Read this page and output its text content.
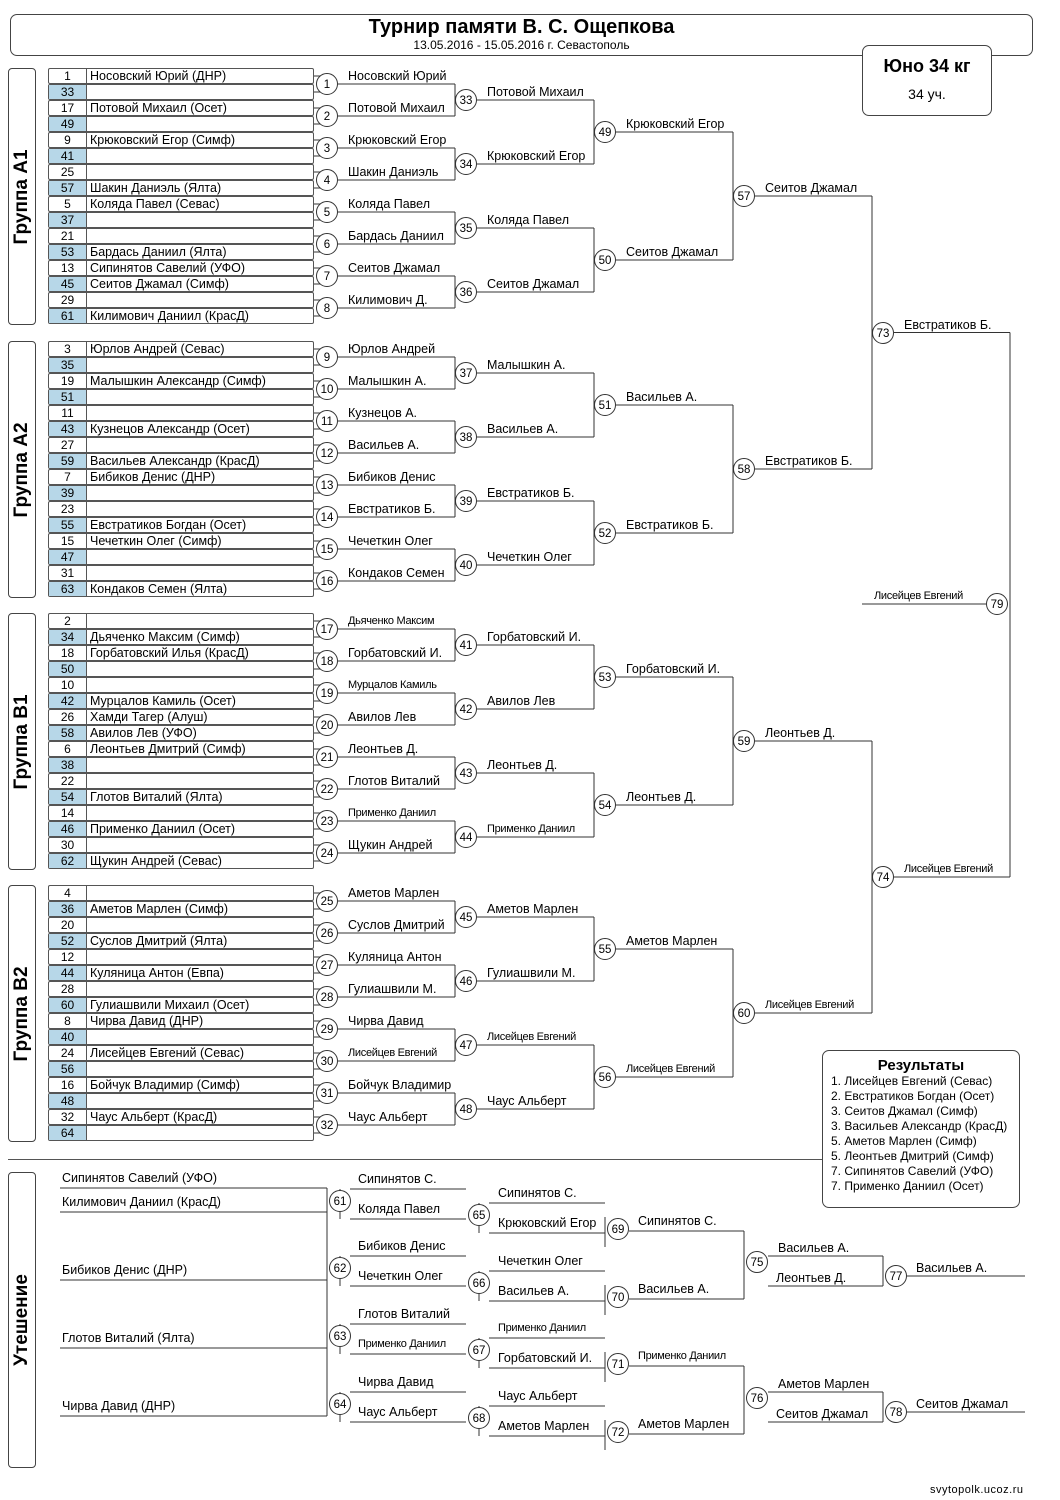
Турнир памяти В. С. Ощепкова
13.05.2016 - 15.05.2016 г. Севастополь
Юно 34 кг
34 уч.
Группа А1
Группа А2
Группа В1
Группа В2
Утешение
1	Носовский Юрий (ДНР)
33
17	Потовой Михаил (Осет)
49
9	Крюковский Егор (Симф)
41
25
57	Шакин Даниэль (Ялта)
5	Коляда Павел (Севас)
37
21
53	Бардась Даниил (Ялта)
13	Сипинятов Савелий (УФО)
45	Сеитов Джамал (Симф)
29
61	Килимович Даниил (КрасД)
3	Юрлов Андрей (Севас)
35
19	Малышкин Александр (Симф)
51
11
43	Кузнецов Александр (Осет)
27
59	Васильев Александр (КрасД)
7	Бибиков Денис (ДНР)
39
23
55	Евстратиков Богдан (Осет)
15	Чечеткин Олег (Симф)
47
31
63	Кондаков Семен (Ялта)
2
34	Дьяченко Максим (Симф)
18	Горбатовский Илья (КрасД)
50
10
42	Мурцалов Камиль (Осет)
26	Хамди Тагер (Алуш)
58	Авилов Лев (УФО)
6	Леонтьев Дмитрий (Симф)
38
22
54	Глотов Виталий (Ялта)
14
46	Применко Даниил (Осет)
30
62	Щукин Андрей (Севас)
4
36	Аметов Марлен (Симф)
20
52	Суслов Дмитрий (Ялта)
12
44	Куляница Антон (Евпа)
28
60	Гулиашвили Михаил (Осет)
8	Чирва Давид (ДНР)
40
24	Лисейцев Евгений (Севас)
56
16	Бойчук Владимир (Симф)
48
32	Чаус Альберт (КрасД)
64
1
Носовский Юрий
2
Потовой Михаил
3
Крюковский Егор
4
Шакин Даниэль
5
Коляда Павел
6
Бардась Даниил
7
Сеитов Джамал
8
Килимович Д.
9
Юрлов Андрей
10
Малышкин А.
11
Кузнецов А.
12
Васильев А.
13
Бибиков Денис
14
Евстратиков Б.
15
Чечеткин Олег
16
Кондаков Семен
17
Дьяченко Максим
18
Горбатовский И.
19
Мурцалов Камиль
20
Авилов Лев
21
Леонтьев Д.
22
Глотов Виталий
23
Применко Даниил
24
Щукин Андрей
25
Аметов Марлен
26
Суслов Дмитрий
27
Куляница Антон
28
Гулиашвили М.
29
Чирва Давид
30
Лисейцев Евгений
31
Бойчук Владимир
32
Чаус Альберт
33
Потовой Михаил
34
Крюковский Егор
35
Коляда Павел
36
Сеитов Джамал
37
Малышкин А.
38
Васильев А.
39
Евстратиков Б.
40
Чечеткин Олег
41
Горбатовский И.
42
Авилов Лев
43
Леонтьев Д.
44
Применко Даниил
45
Аметов Марлен
46
Гулиашвили М.
47
Лисейцев Евгений
48
Чаус Альберт
49
Крюковский Егор
50
Сеитов Джамал
51
Васильев А.
52
Евстратиков Б.
53
Горбатовский И.
54
Леонтьев Д.
55
Аметов Марлен
56
Лисейцев Евгений
57
Сеитов Джамал
58
Евстратиков Б.
59
Леонтьев Д.
60
Лисейцев Евгений
73
Евстратиков Б.
74
Лисейцев Евгений
79
Лисейцев Евгений
Сипинятов Савелий (УФО)
Килимович Даниил (КрасД)
Бибиков Денис (ДНР)
Глотов Виталий (Ялта)
Чирва Давид (ДНР)
61
Сипинятов С.
Коляда Павел
62
Бибиков Денис
Чечеткин Олег
63
Глотов Виталий
Применко Даниил
64
Чирва Давид
Чаус Альберт
65
Сипинятов С.
Крюковский Егор
66
Чечеткин Олег
Васильев А.
67
Применко Даниил
Горбатовский И.
68
Чаус Альберт
Аметов Марлен
69
Сипинятов С.
70
Васильев А.
71
Применко Даниил
72
Аметов Марлен
75
Васильев А.
Леонтьев Д.
76
Аметов Марлен
Сеитов Джамал
77
Васильев А.
78
Сеитов Джамал
Результаты
1. Лисейцев Евгений (Севас)
2. Евстратиков Богдан (Осет)
3. Сеитов Джамал (Симф)
3. Васильев Александр (КрасД)
5. Аметов Марлен (Симф)
5. Леонтьев Дмитрий (Симф)
7. Сипинятов Савелий (УФО)
7. Применко Даниил (Осет)
svytopolk.ucoz.ru
